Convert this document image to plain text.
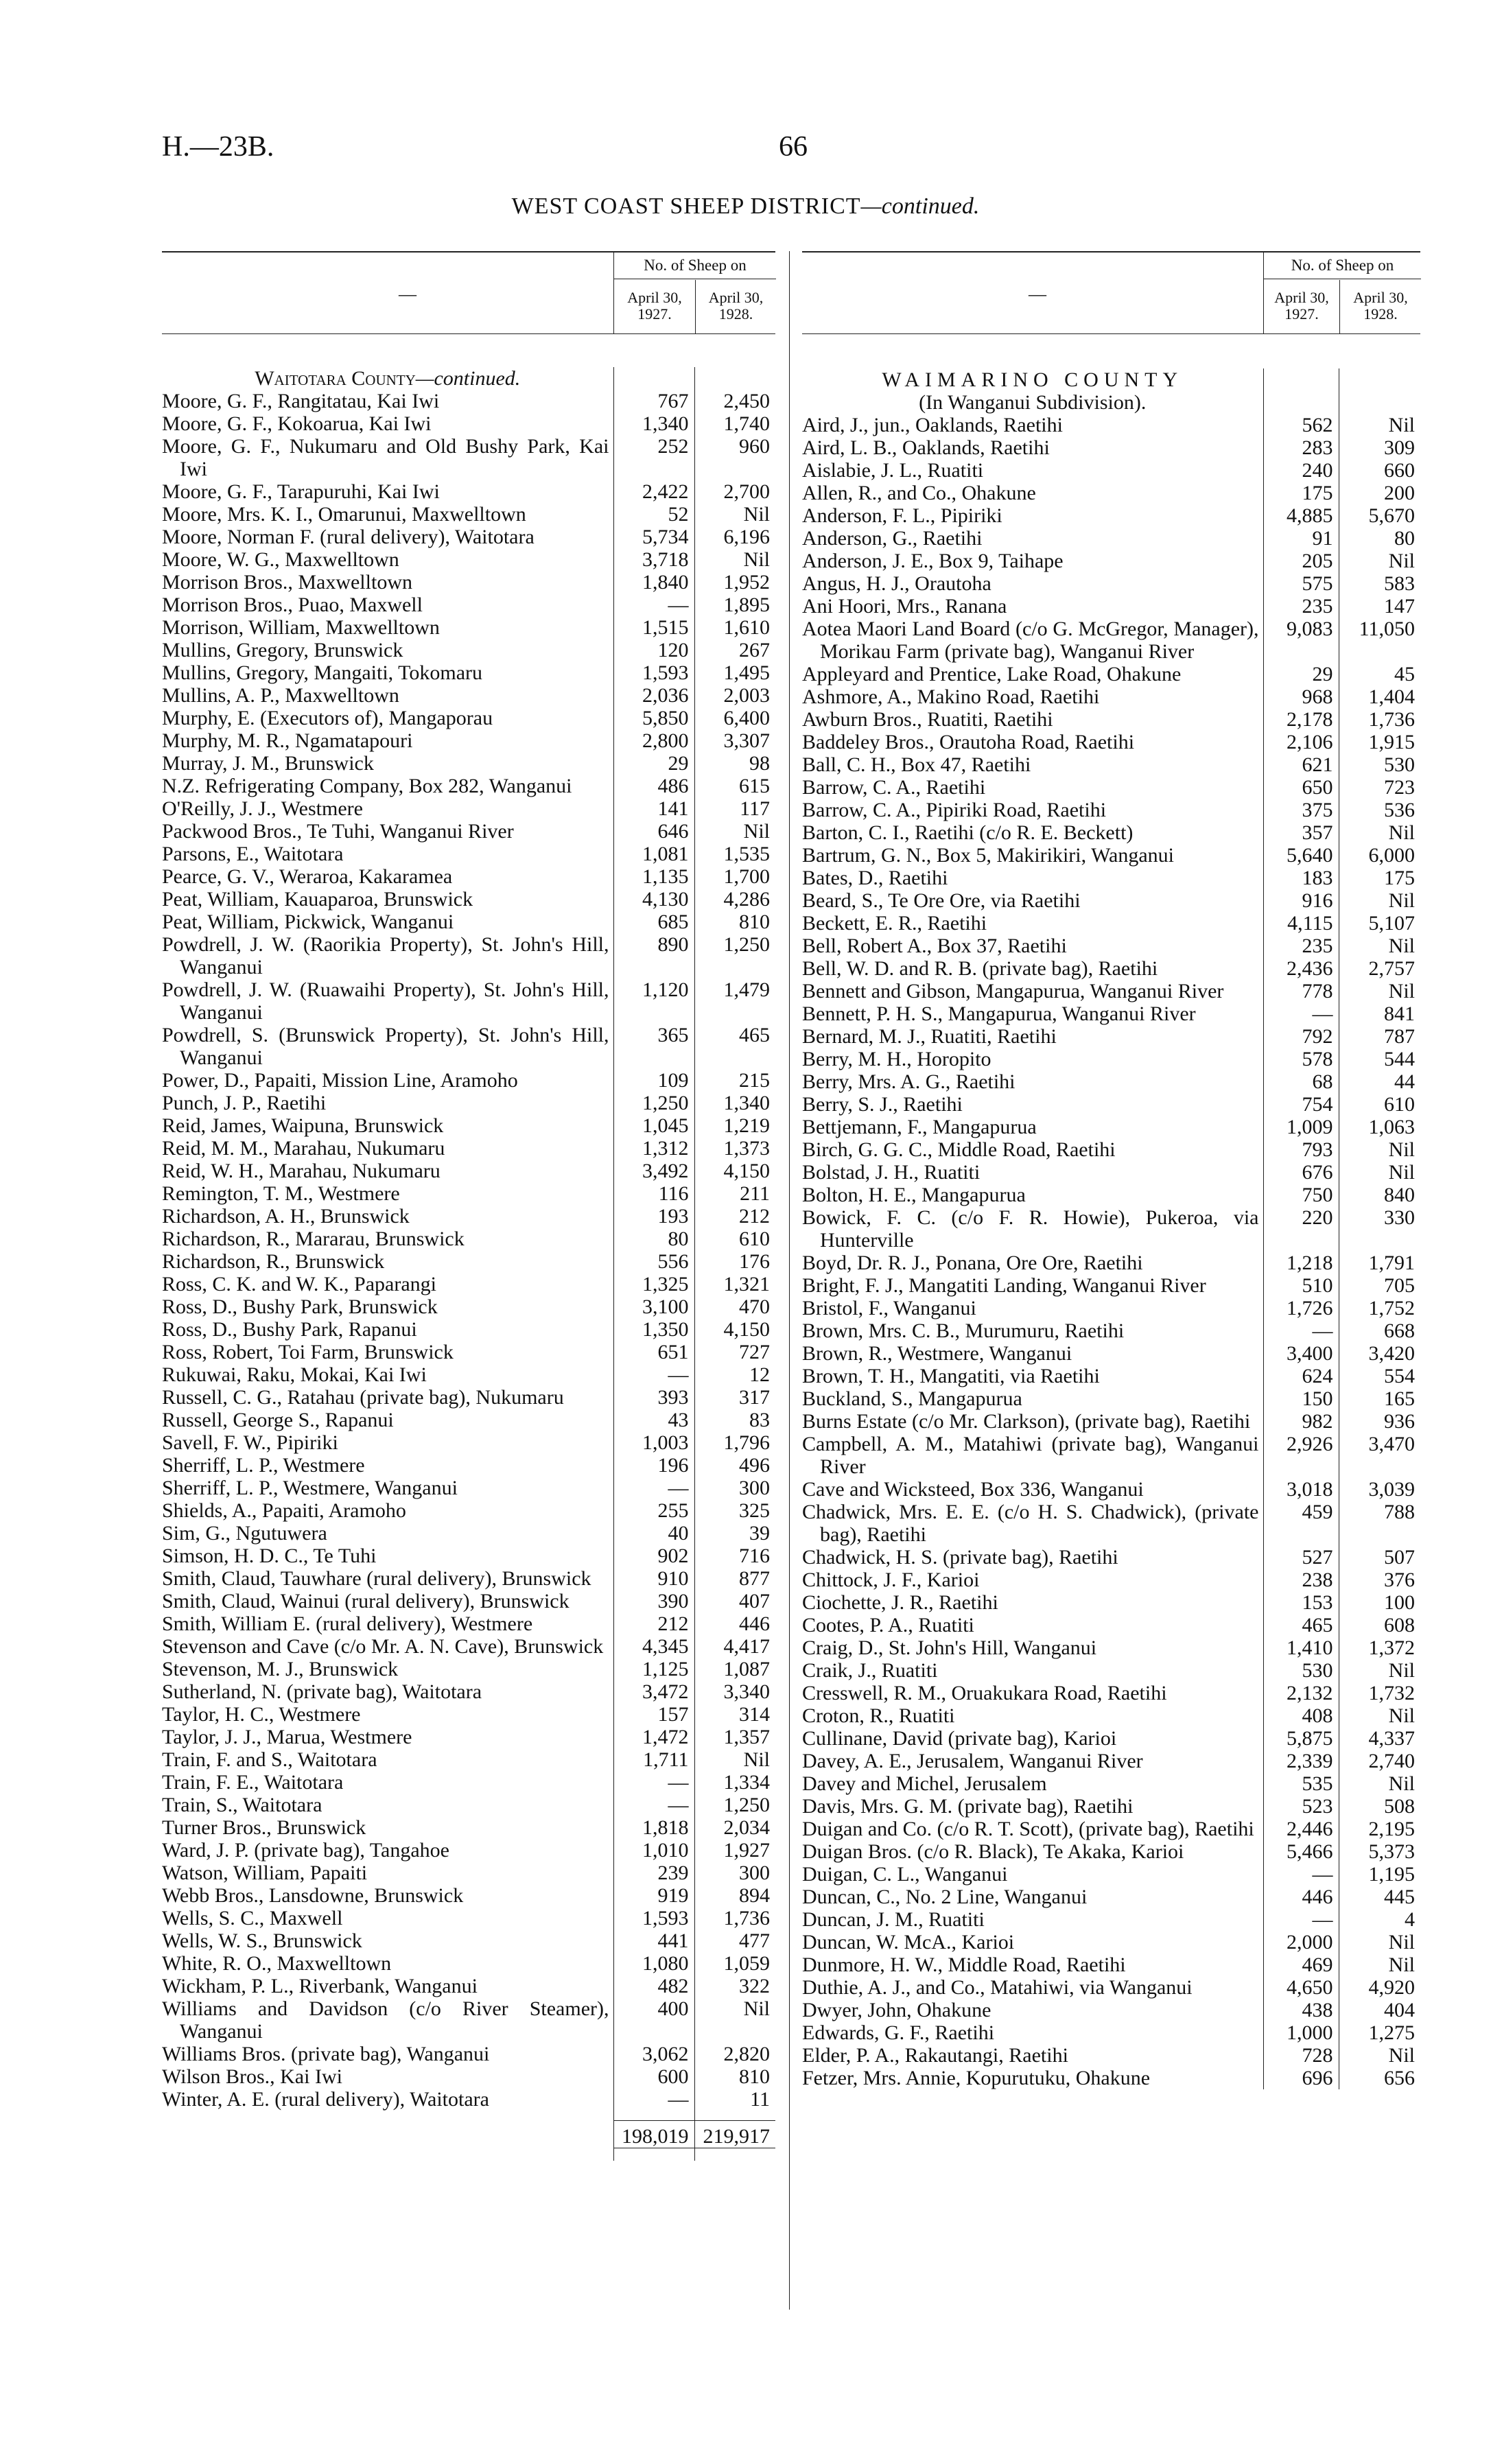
H.—23B.	66
WEST COAST SHEEP DISTRICT—continued.
—
No. of Sheep on
April 30, 1927.
April 30, 1928.
Waitotara County—continued.		
Moore, G. F., Rangitatau, Kai Iwi	767	2,450
Moore, G. F., Kokoarua, Kai Iwi	1,340	1,740
Moore, G. F., Nukumaru and Old Bushy Park, Kai Iwi	252	960
Moore, G. F., Tarapuruhi, Kai Iwi	2,422	2,700
Moore, Mrs. K. I., Omarunui, Maxwelltown	52	Nil
Moore, Norman F. (rural delivery), Waitotara	5,734	6,196
Moore, W. G., Maxwelltown	3,718	Nil
Morrison Bros., Maxwelltown	1,840	1,952
Morrison Bros., Puao, Maxwell	—	1,895
Morrison, William, Maxwelltown	1,515	1,610
Mullins, Gregory, Brunswick	120	267
Mullins, Gregory, Mangaiti, Tokomaru	1,593	1,495
Mullins, A. P., Maxwelltown	2,036	2,003
Murphy, E. (Executors of), Mangaporau	5,850	6,400
Murphy, M. R., Ngamatapouri	2,800	3,307
Murray, J. M., Brunswick	29	98
N.Z. Refrigerating Company, Box 282, Wanganui	486	615
O'Reilly, J. J., Westmere	141	117
Packwood Bros., Te Tuhi, Wanganui River	646	Nil
Parsons, E., Waitotara	1,081	1,535
Pearce, G. V., Weraroa, Kakaramea	1,135	1,700
Peat, William, Kauaparoa, Brunswick	4,130	4,286
Peat, William, Pickwick, Wanganui	685	810
Powdrell, J. W. (Raorikia Property), St. John's Hill, Wanganui	890	1,250
Powdrell, J. W. (Ruawaihi Property), St. John's Hill, Wanganui	1,120	1,479
Powdrell, S. (Brunswick Property), St. John's Hill, Wanganui	365	465
Power, D., Papaiti, Mission Line, Aramoho	109	215
Punch, J. P., Raetihi	1,250	1,340
Reid, James, Waipuna, Brunswick	1,045	1,219
Reid, M. M., Marahau, Nukumaru	1,312	1,373
Reid, W. H., Marahau, Nukumaru	3,492	4,150
Remington, T. M., Westmere	116	211
Richardson, A. H., Brunswick	193	212
Richardson, R., Mararau, Brunswick	80	610
Richardson, R., Brunswick	556	176
Ross, C. K. and W. K., Paparangi	1,325	1,321
Ross, D., Bushy Park, Brunswick	3,100	470
Ross, D., Bushy Park, Rapanui	1,350	4,150
Ross, Robert, Toi Farm, Brunswick	651	727
Rukuwai, Raku, Mokai, Kai Iwi	—	12
Russell, C. G., Ratahau (private bag), Nukumaru	393	317
Russell, George S., Rapanui	43	83
Savell, F. W., Pipiriki	1,003	1,796
Sherriff, L. P., Westmere	196	496
Sherriff, L. P., Westmere, Wanganui	—	300
Shields, A., Papaiti, Aramoho	255	325
Sim, G., Ngutuwera	40	39
Simson, H. D. C., Te Tuhi	902	716
Smith, Claud, Tauwhare (rural delivery), Brunswick	910	877
Smith, Claud, Wainui (rural delivery), Brunswick	390	407
Smith, William E. (rural delivery), Westmere	212	446
Stevenson and Cave (c/o Mr. A. N. Cave), Brunswick	4,345	4,417
Stevenson, M. J., Brunswick	1,125	1,087
Sutherland, N. (private bag), Waitotara	3,472	3,340
Taylor, H. C., Westmere	157	314
Taylor, J. J., Marua, Westmere	1,472	1,357
Train, F. and S., Waitotara	1,711	Nil
Train, F. E., Waitotara	—	1,334
Train, S., Waitotara	—	1,250
Turner Bros., Brunswick	1,818	2,034
Ward, J. P. (private bag), Tangahoe	1,010	1,927
Watson, William, Papaiti	239	300
Webb Bros., Lansdowne, Brunswick	919	894
Wells, S. C., Maxwell	1,593	1,736
Wells, W. S., Brunswick	441	477
White, R. O., Maxwelltown	1,080	1,059
Wickham, P. L., Riverbank, Wanganui	482	322
Williams and Davidson (c/o River Steamer), Wanganui	400	Nil
Williams Bros. (private bag), Wanganui	3,062	2,820
Wilson Bros., Kai Iwi	600	810
Winter, A. E. (rural delivery), Waitotara	—	11

	198,019	219,917

—
No. of Sheep on
April 30, 1927.
April 30, 1928.
WAIMARINO COUNTY		
(In Wanganui Subdivision).		
Aird, J., jun., Oaklands, Raetihi	562	Nil
Aird, L. B., Oaklands, Raetihi	283	309
Aislabie, J. L., Ruatiti	240	660
Allen, R., and Co., Ohakune	175	200
Anderson, F. L., Pipiriki	4,885	5,670
Anderson, G., Raetihi	91	80
Anderson, J. E., Box 9, Taihape	205	Nil
Angus, H. J., Orautoha	575	583
Ani Hoori, Mrs., Ranana	235	147
Aotea Maori Land Board (c/o G. McGregor, Manager), Morikau Farm (private bag), Wanganui River	9,083	11,050
Appleyard and Prentice, Lake Road, Ohakune	29	45
Ashmore, A., Makino Road, Raetihi	968	1,404
Awburn Bros., Ruatiti, Raetihi	2,178	1,736
Baddeley Bros., Orautoha Road, Raetihi	2,106	1,915
Ball, C. H., Box 47, Raetihi	621	530
Barrow, C. A., Raetihi	650	723
Barrow, C. A., Pipiriki Road, Raetihi	375	536
Barton, C. I., Raetihi (c/o R. E. Beckett)	357	Nil
Bartrum, G. N., Box 5, Makirikiri, Wanganui	5,640	6,000
Bates, D., Raetihi	183	175
Beard, S., Te Ore Ore, via Raetihi	916	Nil
Beckett, E. R., Raetihi	4,115	5,107
Bell, Robert A., Box 37, Raetihi	235	Nil
Bell, W. D. and R. B. (private bag), Raetihi	2,436	2,757
Bennett and Gibson, Mangapurua, Wanganui River	778	Nil
Bennett, P. H. S., Mangapurua, Wanganui River	—	841
Bernard, M. J., Ruatiti, Raetihi	792	787
Berry, M. H., Horopito	578	544
Berry, Mrs. A. G., Raetihi	68	44
Berry, S. J., Raetihi	754	610
Bettjemann, F., Mangapurua	1,009	1,063
Birch, G. G. C., Middle Road, Raetihi	793	Nil
Bolstad, J. H., Ruatiti	676	Nil
Bolton, H. E., Mangapurua	750	840
Bowick, F. C. (c/o F. R. Howie), Pukeroa, via Hunterville	220	330
Boyd, Dr. R. J., Ponana, Ore Ore, Raetihi	1,218	1,791
Bright, F. J., Mangatiti Landing, Wanganui River	510	705
Bristol, F., Wanganui	1,726	1,752
Brown, Mrs. C. B., Murumuru, Raetihi	—	668
Brown, R., Westmere, Wanganui	3,400	3,420
Brown, T. H., Mangatiti, via Raetihi	624	554
Buckland, S., Mangapurua	150	165
Burns Estate (c/o Mr. Clarkson), (private bag), Raetihi	982	936
Campbell, A. M., Matahiwi (private bag), Wanganui River	2,926	3,470
Cave and Wicksteed, Box 336, Wanganui	3,018	3,039
Chadwick, Mrs. E. E. (c/o H. S. Chadwick), (private bag), Raetihi	459	788
Chadwick, H. S. (private bag), Raetihi	527	507
Chittock, J. F., Karioi	238	376
Ciochette, J. R., Raetihi	153	100
Cootes, P. A., Ruatiti	465	608
Craig, D., St. John's Hill, Wanganui	1,410	1,372
Craik, J., Ruatiti	530	Nil
Cresswell, R. M., Oruakukara Road, Raetihi	2,132	1,732
Croton, R., Ruatiti	408	Nil
Cullinane, David (private bag), Karioi	5,875	4,337
Davey, A. E., Jerusalem, Wanganui River	2,339	2,740
Davey and Michel, Jerusalem	535	Nil
Davis, Mrs. G. M. (private bag), Raetihi	523	508
Duigan and Co. (c/o R. T. Scott), (private bag), Raetihi	2,446	2,195
Duigan Bros. (c/o R. Black), Te Akaka, Karioi	5,466	5,373
Duigan, C. L., Wanganui	—	1,195
Duncan, C., No. 2 Line, Wanganui	446	445
Duncan, J. M., Ruatiti	—	4
Duncan, W. McA., Karioi	2,000	Nil
Dunmore, H. W., Middle Road, Raetihi	469	Nil
Duthie, A. J., and Co., Matahiwi, via Wanganui	4,650	4,920
Dwyer, John, Ohakune	438	404
Edwards, G. F., Raetihi	1,000	1,275
Elder, P. A., Rakautangi, Raetihi	728	Nil
Fetzer, Mrs. Annie, Kopurutuku, Ohakune	696	656
